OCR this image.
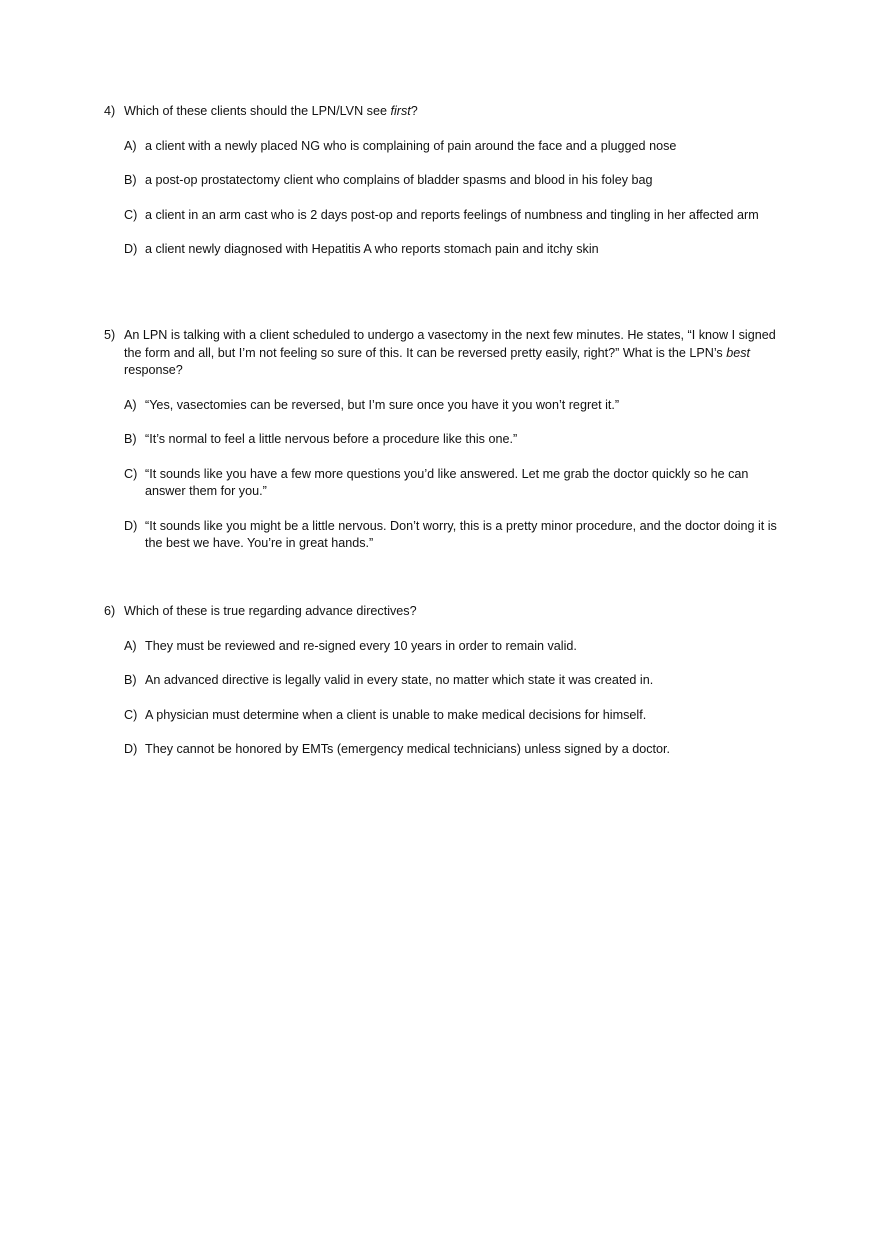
4) Which of these clients should the LPN/LVN see first?
A) a client with a newly placed NG who is complaining of pain around the face and a plugged nose
B) a post-op prostatectomy client who complains of bladder spasms and blood in his foley bag
C) a client in an arm cast who is 2 days post-op and reports feelings of numbness and tingling in her affected arm
D) a client newly diagnosed with Hepatitis A who reports stomach pain and itchy skin
5) An LPN is talking with a client scheduled to undergo a vasectomy in the next few minutes. He states, “I know I signed the form and all, but I’m not feeling so sure of this. It can be reversed pretty easily, right?” What is the LPN’s best response?
A) “Yes, vasectomies can be reversed, but I’m sure once you have it you won’t regret it.”
B) “It’s normal to feel a little nervous before a procedure like this one.”
C) “It sounds like you have a few more questions you’d like answered. Let me grab the doctor quickly so he can answer them for you.”
D) “It sounds like you might be a little nervous. Don’t worry, this is a pretty minor procedure, and the doctor doing it is the best we have. You’re in great hands.”
6) Which of these is true regarding advance directives?
A) They must be reviewed and re-signed every 10 years in order to remain valid.
B) An advanced directive is legally valid in every state, no matter which state it was created in.
C) A physician must determine when a client is unable to make medical decisions for himself.
D) They cannot be honored by EMTs (emergency medical technicians) unless signed by a doctor.
